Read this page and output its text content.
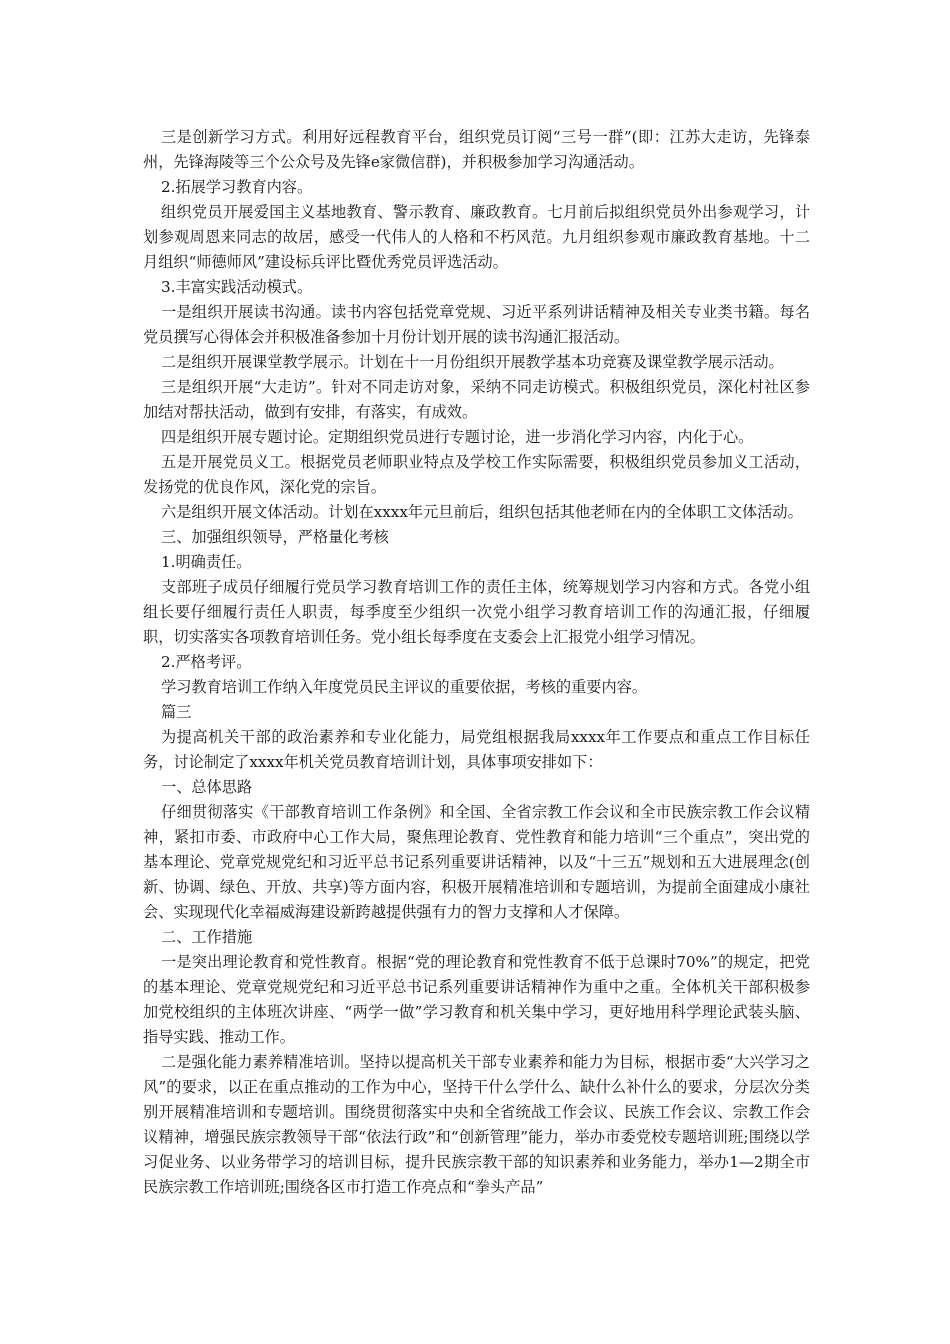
三是创新学习方式。利用好远程教育平台，组织党员订阅“三号一群”(即：江苏大走访，先锋泰州，先锋海陵等三个公众号及先锋e家微信群)，并积极参加学习沟通活动。

2.拓展学习教育内容。

组织党员开展爱国主义基地教育、警示教育、廉政教育。七月前后拟组织党员外出参观学习，计划参观周恩来同志的故居，感受一代伟人的人格和不朽风范。九月组织参观市廉政教育基地。十二月组织“师德师风”建设标兵评比暨优秀党员评选活动。

3.丰富实践活动模式。

一是组织开展读书沟通。读书内容包括党章党规、习近平系列讲话精神及相关专业类书籍。每名党员撰写心得体会并积极准备参加十月份计划开展的读书沟通汇报活动。

二是组织开展课堂教学展示。计划在十一月份组织开展教学基本功竞赛及课堂教学展示活动。

三是组织开展“大走访”。针对不同走访对象，采纳不同走访模式。积极组织党员，深化村社区参加结对帮扶活动，做到有安排，有落实，有成效。

四是组织开展专题讨论。定期组织党员进行专题讨论，进一步消化学习内容，内化于心。

五是开展党员义工。根据党员老师职业特点及学校工作实际需要，积极组织党员参加义工活动，发扬党的优良作风，深化党的宗旨。

六是组织开展文体活动。计划在xxxx年元旦前后，组织包括其他老师在内的全体职工文体活动。

三、加强组织领导，严格量化考核

1.明确责任。

支部班子成员仔细履行党员学习教育培训工作的责任主体，统筹规划学习内容和方式。各党小组组长要仔细履行责任人职责，每季度至少组织一次党小组学习教育培训工作的沟通汇报，仔细履职，切实落实各项教育培训任务。党小组长每季度在支委会上汇报党小组学习情况。

2.严格考评。

学习教育培训工作纳入年度党员民主评议的重要依据，考核的重要内容。

篇三

为提高机关干部的政治素养和专业化能力，局党组根据我局xxxx年工作要点和重点工作目标任务，讨论制定了xxxx年机关党员教育培训计划，具体事项安排如下：

一、总体思路

仔细贯彻落实《干部教育培训工作条例》和全国、全省宗教工作会议和全市民族宗教工作会议精神，紧扣市委、市政府中心工作大局，聚焦理论教育、党性教育和能力培训“三个重点”，突出党的基本理论、党章党规党纪和习近平总书记系列重要讲话精神，以及“十三五”规划和五大进展理念(创新、协调、绿色、开放、共享)等方面内容，积极开展精准培训和专题培训，为提前全面建成小康社会、实现现代化幸福威海建设新跨越提供强有力的智力支撑和人才保障。

二、工作措施

一是突出理论教育和党性教育。根据“党的理论教育和党性教育不低于总课时70%”的规定，把党的基本理论、党章党规党纪和习近平总书记系列重要讲话精神作为重中之重。全体机关干部积极参加党校组织的主体班次讲座、“两学一做”学习教育和机关集中学习，更好地用科学理论武装头脑、指导实践、推动工作。

二是强化能力素养精准培训。坚持以提高机关干部专业素养和能力为目标，根据市委“大兴学习之风”的要求，以正在重点推动的工作为中心，坚持干什么学什么、缺什么补什么的要求，分层次分类别开展精准培训和专题培训。围绕贯彻落实中央和全省统战工作会议、民族工作会议、宗教工作会议精神，增强民族宗教领导干部“依法行政”和“创新管理”能力，举办市委党校专题培训班;围绕以学习促业务、以业务带学习的培训目标，提升民族宗教干部的知识素养和业务能力，举办1—2期全市民族宗教工作培训班;围绕各区市打造工作亮点和“拳头产品”
